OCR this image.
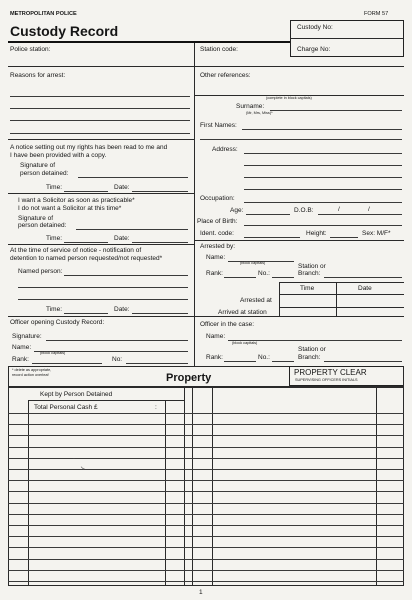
METROPOLITAN POLICE	FORM 57
Custody Record	Custody No:
Charge No:
Police station:	Station code:
Reasons for arrest:
A notice setting out my rights has been read to me and
I have been provided with a copy.
Signature of
person detained:
Time:	Date:
I want a Solicitor as soon as practicable*
I do not want a Solicitor at this time*
Signature of
person detained:
Time:	Date:
At the time of service of notice - notification of
detention to named person requested/not requested*
Named person:
Time:	Date:
Officer opening Custody Record:
Signature:
Name:
(block capitals)
Rank:	No:
Other references:
(complete in block capitals)
Surname:
(Mr, Mrs, Miss)*
First Names:
Address:
Occupation:
Age:	D.O.B:	/	/
Place of Birth:
Ident. code:	Height:	Sex: M/F*
Arrested by:
Name:
(block capitals)	Station or
Rank:	No.:	Branch:
Time	Date
Arrested at
Arrived at station
Officer in the case:
Name:
(block capitals)
Station or
Rank:	No.:	Branch:
* delete as appropriate,
record action overleaf	Property	PROPERTY CLEAR
SUPERVISING OFFICERS INITIALS
Kept by Person Detained
Total Personal Cash £	:
·
↘
1
